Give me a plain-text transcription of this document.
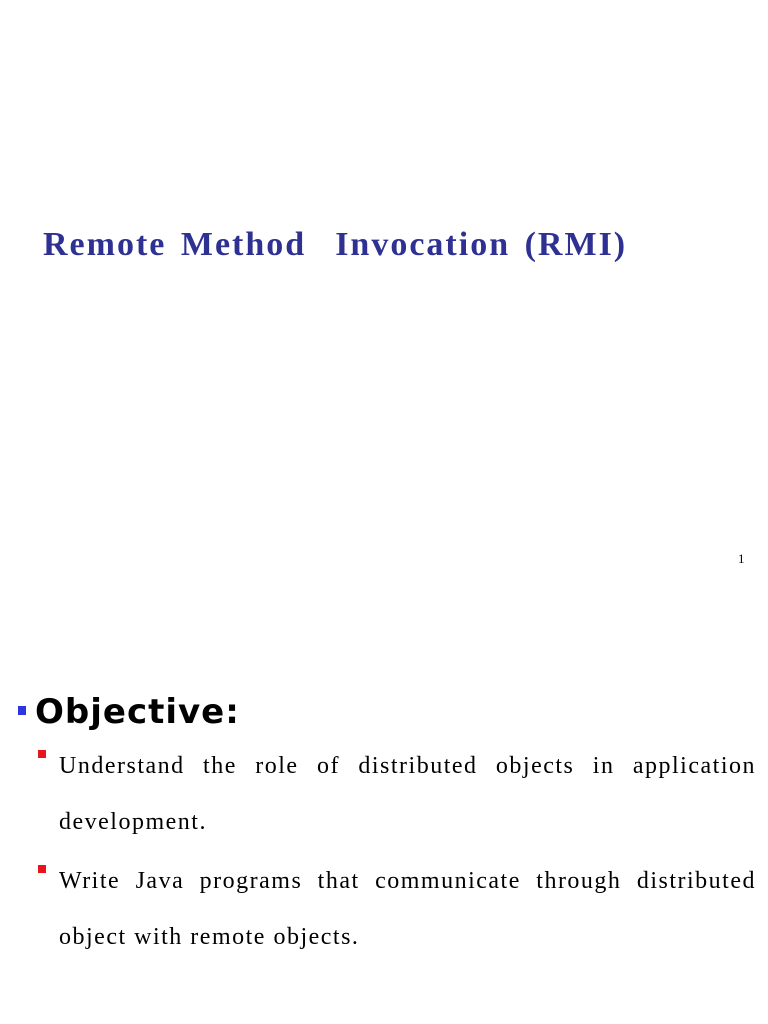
Remote Method  Invocation (RMI)
1
Objective:
Understand the role of distributed objects in application development.
Write Java programs that communicate through distributed object with remote objects.
